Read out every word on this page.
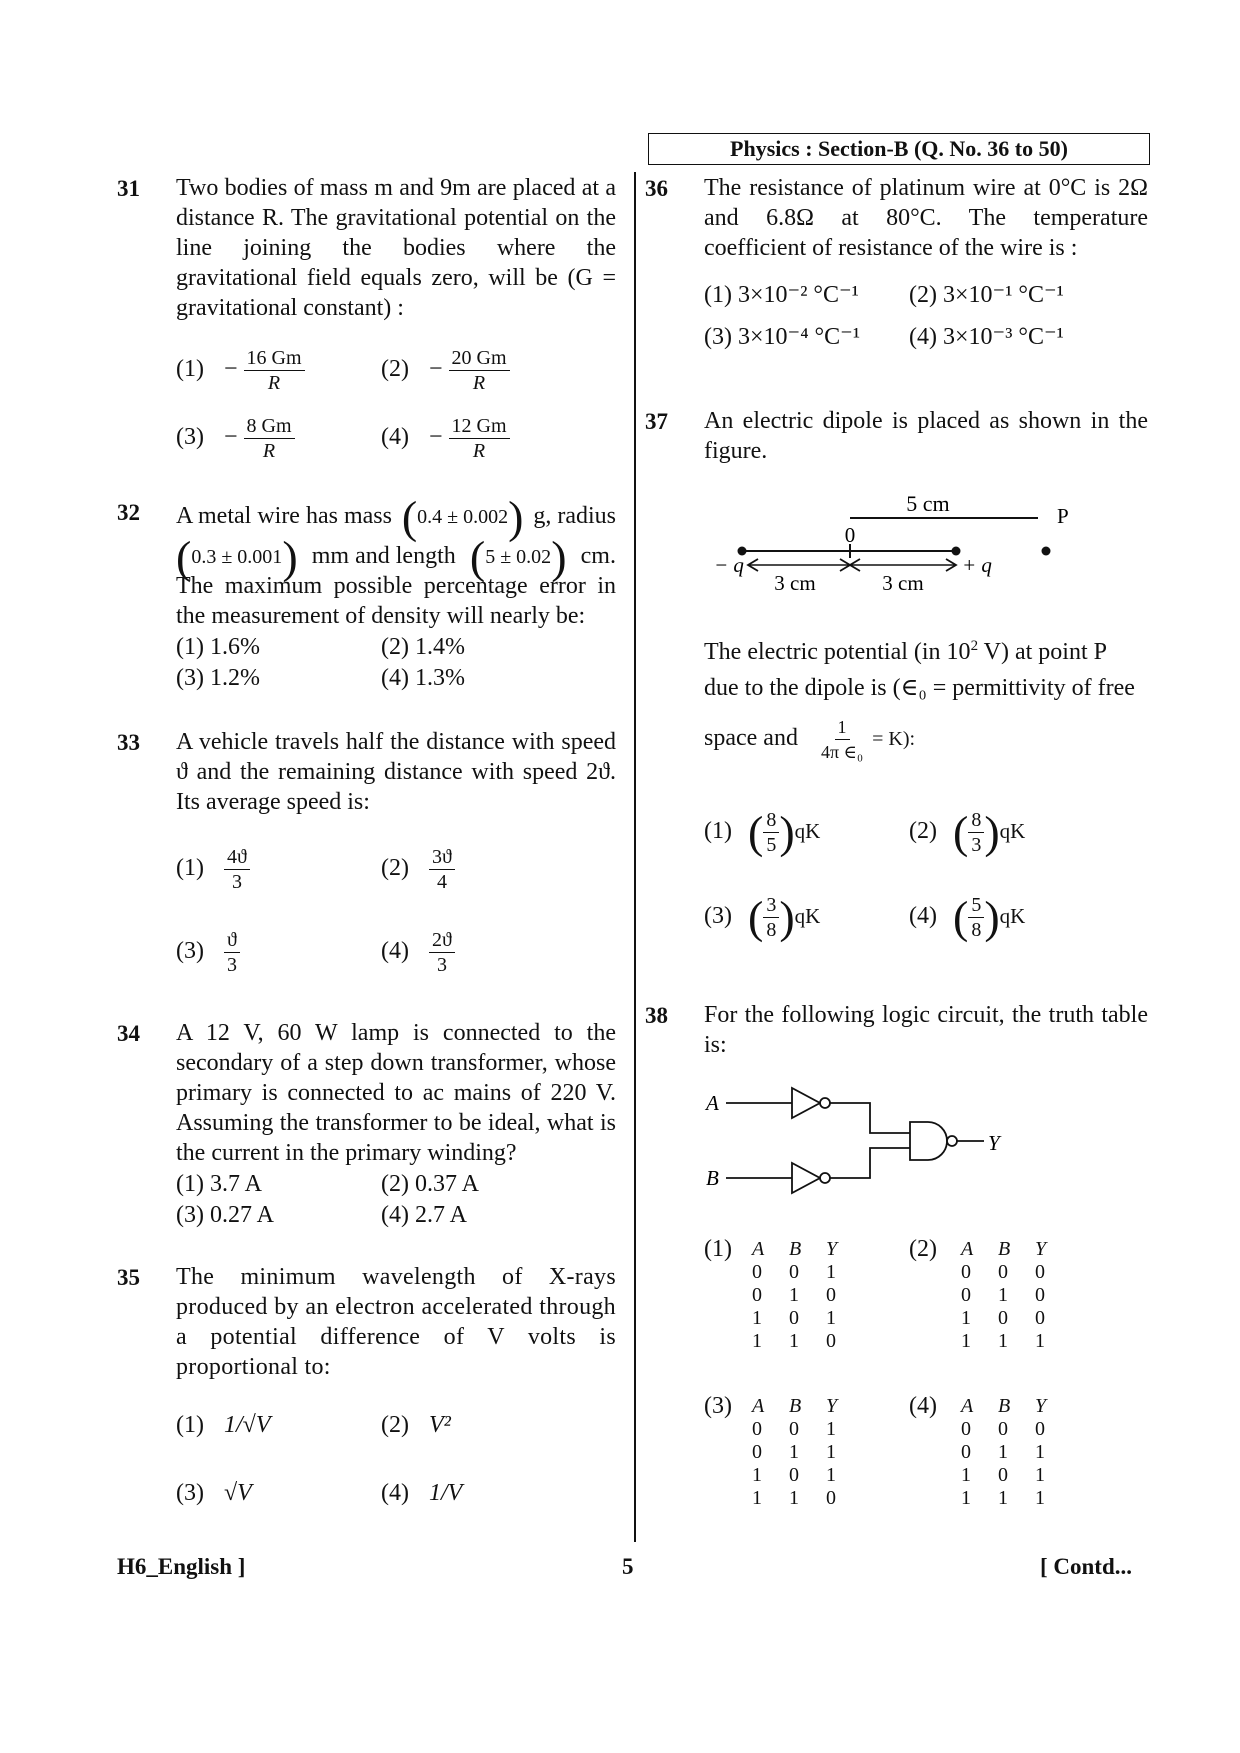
Physics : Section-B (Q. No. 36 to 50)
31 Two bodies of mass m and 9m are placed at a distance R. The gravitational potential on the line joining the bodies where the gravitational field equals zero, will be (G = gravitational constant) :
$(1) - \frac{16 Gm}{R}$	$(2) - \frac{20 Gm}{R}$
$(3) - \frac{8 Gm}{R}$	$(4) - \frac{12 Gm}{R}$
32 A metal wire has mass (0.4 ± 0.002) g, radius
(0.3 ± 0.001) mm and length (5 ± 0.02) cm.
The maximum possible percentage error in the measurement of density will nearly be:
(1) 1.6%	(2) 1.4%
(3) 1.2%	(4) 1.3%
33 A vehicle travels half the distance with speed ϑ and the remaining distance with speed 2ϑ. Its average speed is:
$(1) \frac{4ϑ}{3}$	$(2) \frac{3ϑ}{4}$
$(3) \frac{ϑ}{3}$	$(4) \frac{2ϑ}{3}$
34 A 12 V, 60 W lamp is connected to the secondary of a step down transformer, whose primary is connected to ac mains of 220 V. Assuming the transformer to be ideal, what is the current in the primary winding?
(1) 3.7 A	(2) 0.37 A
(3) 0.27 A	(4) 2.7 A
35 The minimum wavelength of X-rays produced by an electron accelerated through a potential difference of V volts is proportional to:
(1) 1/√V	(2) V²
(3) √V	(4) 1/V
36 The resistance of platinum wire at 0°C is 2Ω and 6.8Ω at 80°C. The temperature coefficient of resistance of the wire is :
(1) 3×10⁻² °C⁻¹ (2) 3×10⁻¹ °C⁻¹
(3) 3×10⁻⁴ °C⁻¹ (4) 3×10⁻³ °C⁻¹
37 An electric dipole is placed as shown in the figure.
5 cm
0
P
− q	+ q
3 cm	3 cm
The electric potential (in $10^2$ V) at point P
due to the dipole is (∈₀ = permittivity of free
space and $\frac{1}{\text{4π ∈₀}} = K$):
(1) ( $\frac{8}{5} )qK$	(2) ( $\frac{8}{3} )qK$
(3) ( $\frac{3}{8} )qK$	(4) ( $\frac{5}{8} )qK$
38 For the following logic circuit, the truth table is:
A
B
Y
(1) A B Y
0 0 1
0 1 0
1 0 1
1 1 0
(2) A B Y
0 0 0
0 1 0
1 0 0
1 1 1
(3) A B Y
0 0 1
0 1 1
1 0 1
1 1 0
(4) A B Y
0 0 0
0 1 1
1 0 1
1 1 1
H6_English ]	5	[ Contd...
